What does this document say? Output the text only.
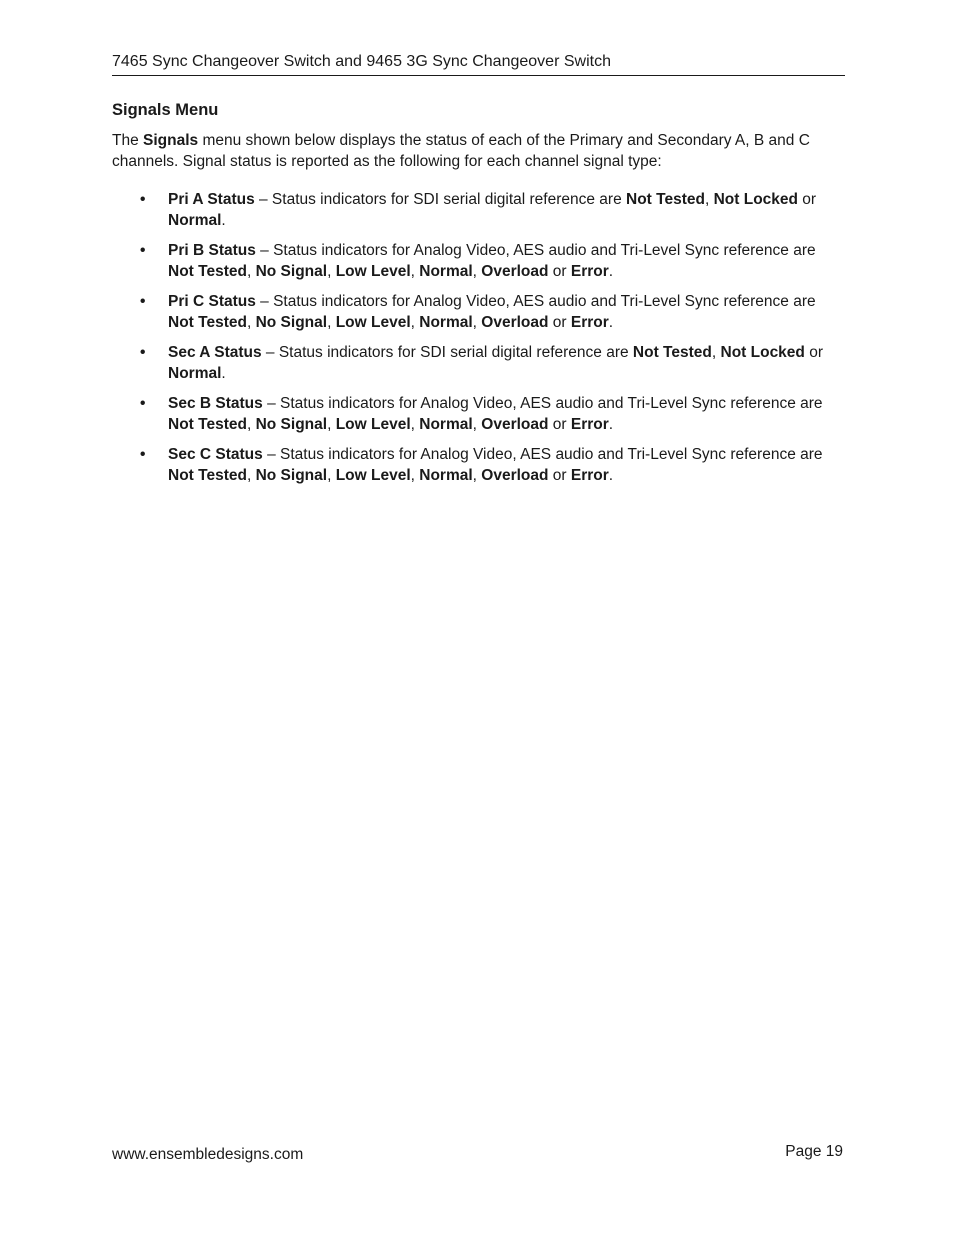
7465 Sync Changeover Switch and 9465 3G Sync Changeover Switch
Signals Menu

The Signals menu shown below displays the status of each of the Primary and Secondary A, B and C
channels. Signal status is reported as the following for each channel signal type:

• Pri A Status – Status indicators for SDI serial digital reference are Not Tested, Not Locked or
Normal.
• Pri B Status – Status indicators for Analog Video, AES audio and Tri-Level Sync reference are
Not Tested, No Signal, Low Level, Normal, Overload or Error.
• Pri C Status – Status indicators for Analog Video, AES audio and Tri-Level Sync reference are
Not Tested, No Signal, Low Level, Normal, Overload or Error.
• Sec A Status – Status indicators for SDI serial digital reference are Not Tested, Not Locked or
Normal.
• Sec B Status – Status indicators for Analog Video, AES audio and Tri-Level Sync reference are
Not Tested, No Signal, Low Level, Normal, Overload or Error.
• Sec C Status – Status indicators for Analog Video, AES audio and Tri-Level Sync reference are
Not Tested, No Signal, Low Level, Normal, Overload or Error.
www.ensembledesigns.com	Page 19
